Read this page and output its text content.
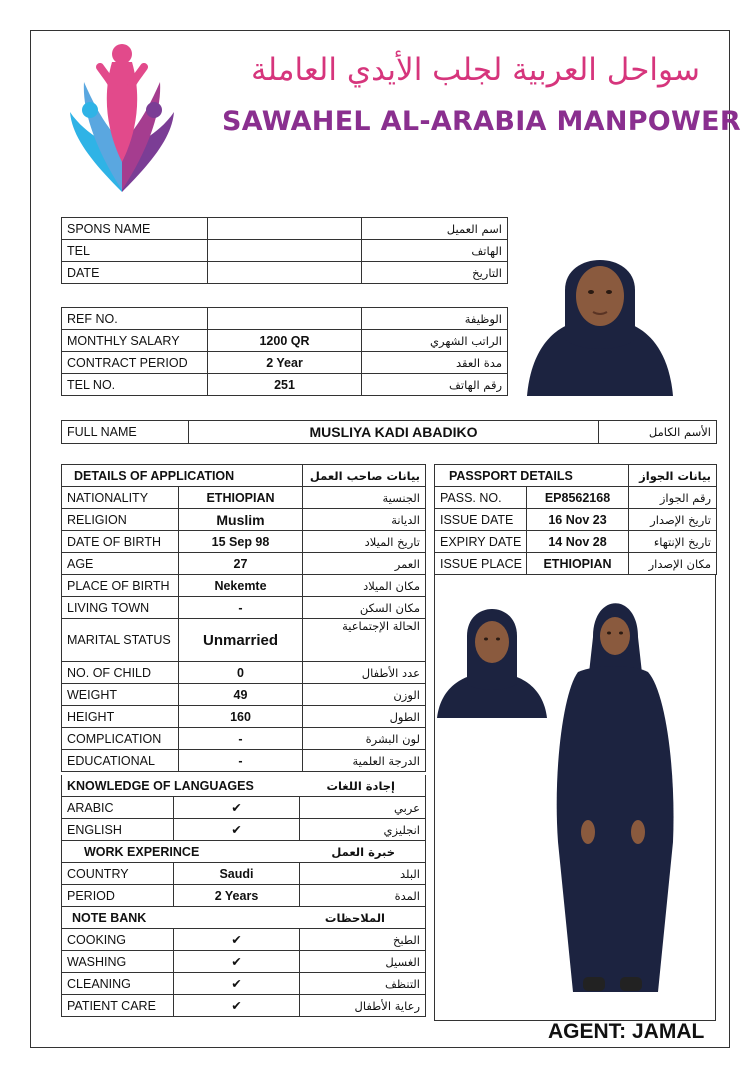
سواحل العربية لجلب الأيدي العاملة
SAWAHEL AL-ARABIA MANPOWER
SPONS NAME		اسم العميل
TEL		الهاتف
DATE		التاريخ
REF NO.		الوظيفة
MONTHLY SALARY	1200 QR	الراتب الشهري
CONTRACT PERIOD	2 Year	مدة العقد
TEL NO.	251	رقم الهاتف
FULL NAME	MUSLIYA KADI ABADIKO	الأسم الكامل
DETAILS OF APPLICATION		بيانات صاحب العمل
NATIONALITY	ETHIOPIAN	الجنسية
RELIGION	Muslim	الديانة
DATE OF BIRTH	15 Sep 98	تاريخ الميلاد
AGE	27	العمر
PLACE OF BIRTH	Nekemte	مكان الميلاد
LIVING TOWN	-	مكان السكن
MARITAL STATUS	Unmarried	الحالة الإجتماعية
NO. OF CHILD	0	عدد الأطفال
WEIGHT	49	الوزن
HEIGHT	160	الطول
COMPLICATION	-	لون البشرة
EDUCATIONAL	-	الدرجة العلمية
KNOWLEDGE OF LANGUAGES		إجادة اللغات
ARABIC	✔	عربي
ENGLISH	✔	انجليزي
WORK EXPERINCE		خبرة العمل
COUNTRY	Saudi	البلد
PERIOD	2 Years	المدة
NOTE BANK		الملاحظات
COOKING	✔	الطبخ
WASHING	✔	الغسيل
CLEANING	✔	التنظف
PATIENT CARE	✔	رعاية الأطفال
PASSPORT DETAILS		بيانات الجواز
PASS. NO.	EP8562168	رقم الجواز
ISSUE DATE	16 Nov 23	تاريخ الإصدار
EXPIRY DATE	14 Nov 28	تاريخ الإنتهاء
ISSUE PLACE	ETHIOPIAN	مكان الإصدار
AGENT: JAMAL
